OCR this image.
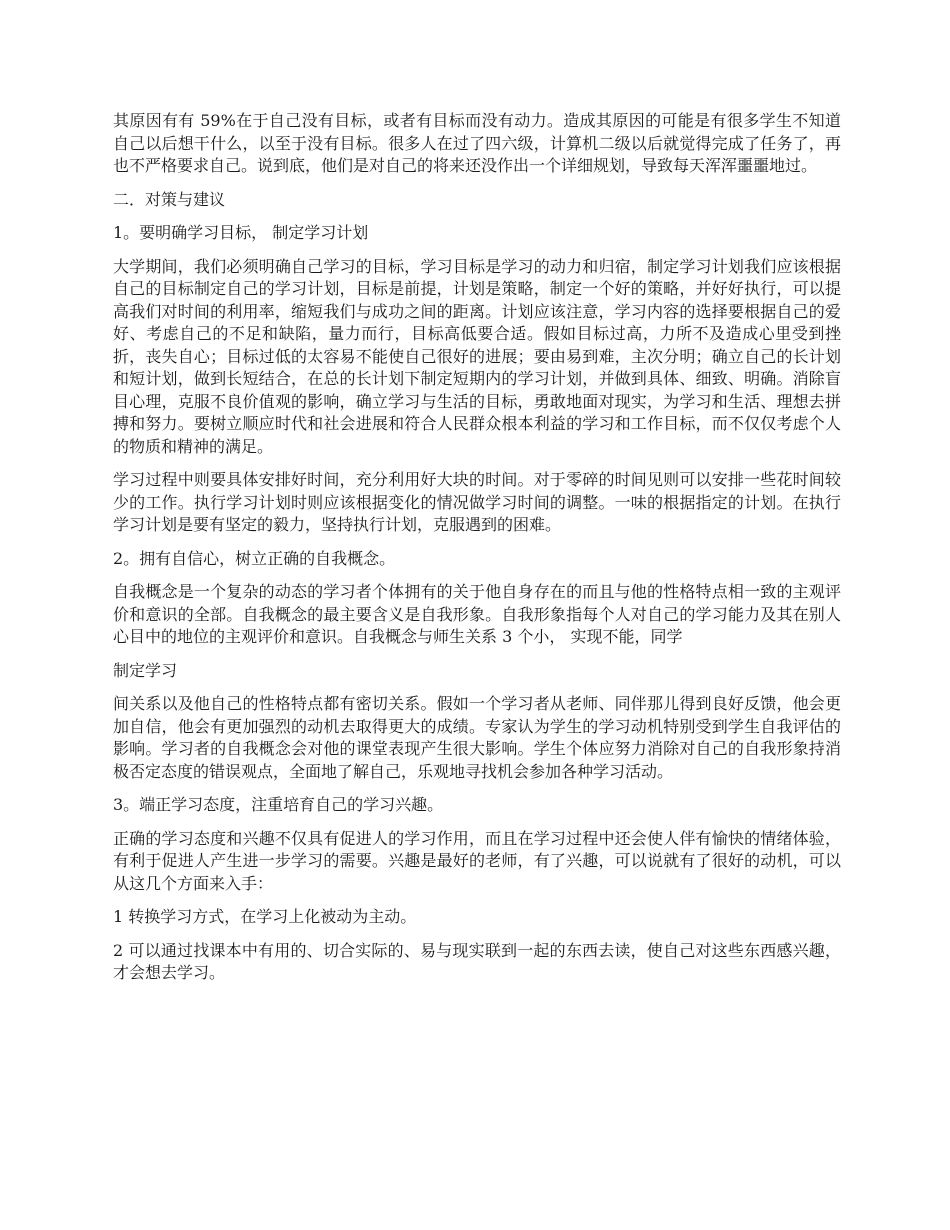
其原因有有 59%在于自己没有目标，或者有目标而没有动力。造成其原因的可能是有很多学生不知道自己以后想干什么，以至于没有目标。很多人在过了四六级，计算机二级以后就觉得完成了任务了，再也不严格要求自己。说到底，他们是对自己的将来还没作出一个详细规划，导致每天浑浑噩噩地过。

二．对策与建议

1。要明确学习目标， 制定学习计划

大学期间，我们必须明确自己学习的目标，学习目标是学习的动力和归宿，制定学习计划我们应该根据自己的目标制定自己的学习计划，目标是前提，计划是策略，制定一个好的策略，并好好执行，可以提高我们对时间的利用率，缩短我们与成功之间的距离。计划应该注意，学习内容的选择要根据自己的爱好、考虑自己的不足和缺陷，量力而行，目标高低要合适。假如目标过高，力所不及造成心里受到挫折，丧失自心；目标过低的太容易不能使自己很好的进展；要由易到难，主次分明；确立自己的长计划和短计划，做到长短结合，在总的长计划下制定短期内的学习计划，并做到具体、细致、明确。消除盲目心理，克服不良价值观的影响，确立学习与生活的目标，勇敢地面对现实，为学习和生活、理想去拼搏和努力。要树立顺应时代和社会进展和符合人民群众根本利益的学习和工作目标，而不仅仅考虑个人的物质和精神的满足。

学习过程中则要具体安排好时间，充分利用好大块的时间。对于零碎的时间见则可以安排一些花时间较少的工作。执行学习计划时则应该根据变化的情况做学习时间的调整。一味的根据指定的计划。在执行学习计划是要有坚定的毅力，坚持执行计划，克服遇到的困难。

2。拥有自信心，树立正确的自我概念。

自我概念是一个复杂的动态的学习者个体拥有的关于他自身存在的而且与他的性格特点相一致的主观评价和意识的全部。自我概念的最主要含义是自我形象。自我形象指每个人对自己的学习能力及其在别人心目中的地位的主观评价和意识。自我概念与师生关系 3 个小， 实现不能，同学

制定学习

间关系以及他自己的性格特点都有密切关系。假如一个学习者从老师、同伴那儿得到良好反馈，他会更加自信，他会有更加强烈的动机去取得更大的成绩。专家认为学生的学习动机特别受到学生自我评估的影响。学习者的自我概念会对他的课堂表现产生很大影响。学生个体应努力消除对自己的自我形象持消极否定态度的错误观点，全面地了解自己，乐观地寻找机会参加各种学习活动。

3。端正学习态度，注重培育自己的学习兴趣。

正确的学习态度和兴趣不仅具有促进人的学习作用，而且在学习过程中还会使人伴有愉快的情绪体验，有利于促进人产生进一步学习的需要。兴趣是最好的老师，有了兴趣，可以说就有了很好的动机，可以从这几个方面来入手：

1 转换学习方式，在学习上化被动为主动。

2 可以通过找课本中有用的、切合实际的、易与现实联到一起的东西去读，使自己对这些东西感兴趣，才会想去学习。
